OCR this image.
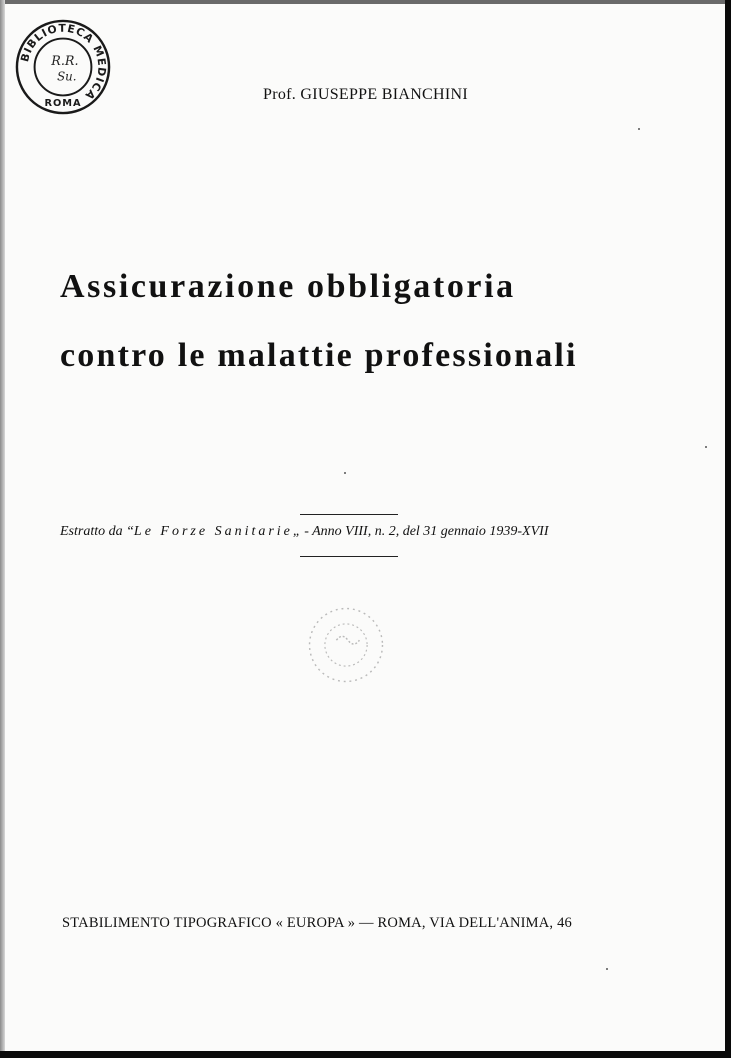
BIBLIOTECA MEDICA
ROMA
R.R.
Su.
Prof. GIUSEPPE BIANCHINI
Assicurazione obbligatoria
contro le malattie professionali
Estratto da “Le Forze Sanitarie„ - Anno VIII, n. 2, del 31 gennaio 1939-XVII
STABILIMENTO TIPOGRAFICO « EUROPA » — ROMA, VIA DELL'ANIMA, 46
